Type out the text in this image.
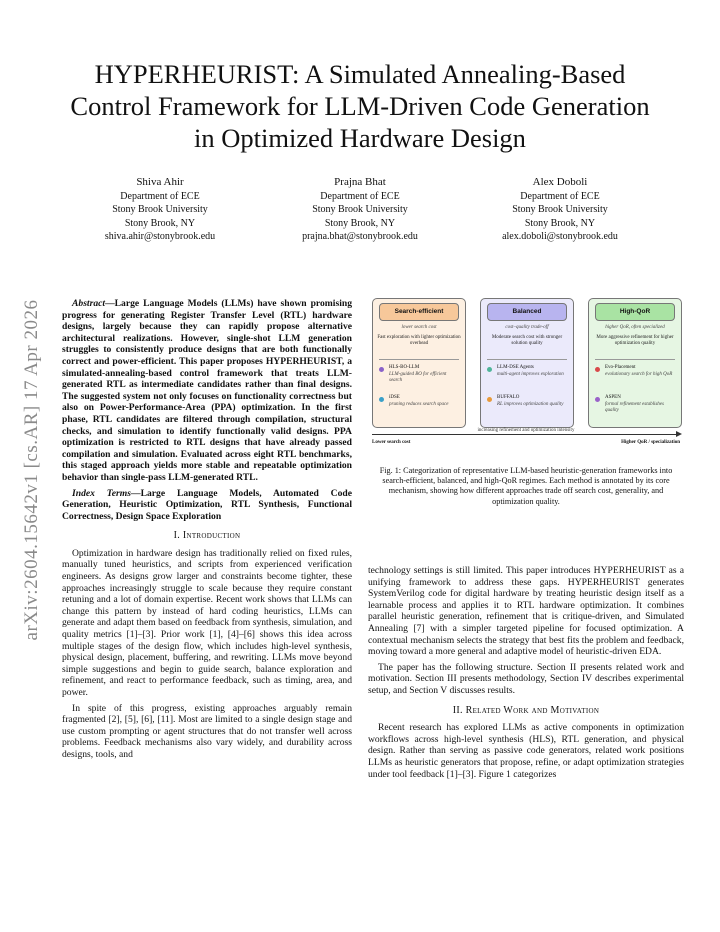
arXiv:2604.15642v1 [cs.AR] 17 Apr 2026
HYPERHEURIST: A Simulated Annealing-Based Control Framework for LLM-Driven Code Generation in Optimized Hardware Design
Shiva Ahir
Department of ECE
Stony Brook University
Stony Brook, NY
shiva.ahir@stonybrook.edu
Prajna Bhat
Department of ECE
Stony Brook University
Stony Brook, NY
prajna.bhat@stonybrook.edu
Alex Doboli
Department of ECE
Stony Brook University
Stony Brook, NY
alex.doboli@stonybrook.edu

Abstract—Large Language Models (LLMs) have shown promising progress for generating Register Transfer Level (RTL) hardware designs, largely because they can rapidly propose alternative architectural realizations. However, single-shot LLM generation struggles to consistently produce designs that are both functionally correct and power-efficient. This paper proposes HYPERHEURIST, a simulated-annealing-based control framework that treats LLM-generated RTL as intermediate candidates rather than final designs. The suggested system not only focuses on functionality correctness but also on Power-Performance-Area (PPA) optimization. In the first phase, RTL candidates are filtered through compilation, structural checks, and simulation to identify functionally valid designs. PPA optimization is restricted to RTL designs that have already passed compilation and simulation. Evaluated across eight RTL benchmarks, this staged approach yields more stable and repeatable optimization behavior than single-pass LLM-generated RTL.

Index Terms—Large Language Models, Automated Code Generation, Heuristic Optimization, RTL Synthesis, Functional Correctness, Design Space Exploration

I. Introduction

Optimization in hardware design has traditionally relied on fixed rules, manually tuned heuristics, and scripts from experienced verification engineers. As designs grow larger and constraints become tighter, these approaches increasingly struggle to scale because they require constant retuning and a lot of domain expertise. Recent work shows that LLMs can change this pattern by instead of hard coding heuristics, LLMs can generate and adapt them based on feedback from synthesis, simulation, and quality metrics [1]–[3]. Prior work [1], [4]–[6] shows this idea across multiple stages of the design flow, which includes high-level synthesis, physical design, placement, buffering, and rewriting. LLMs move beyond simple suggestions and begin to guide search, balance exploration and refinement, and react to performance feedback, such as timing, area, and power.

In spite of this progress, existing approaches arguably remain fragmented [2], [5], [6], [11]. Most are limited to a single design stage and use custom prompting or agent structures that do not transfer well across problems. Feedback mechanisms also vary widely, and durability across designs, tools, and

Search-efficient
lower search cost
Fast exploration with lighter optimization overhead
HLS-BO-LLM
LLM-guided BO for efficient search
iDSE
pruning reduces search space
Balanced
cost–quality trade-off
Moderate search cost with stronger solution quality
LLM-DSE Agents
multi-agent improves exploration
BUFFALO
RL improves optimization quality
High-QoR
higher QoR, often specialized
More aggressive refinement for higher optimization quality
Evo-Placement
evolutionary search for high QoR
ASPEN
formal refinement establishes quality
increasing refinement and optimization intensity
Lower search cost	Higher QoR / specialization
Fig. 1: Categorization of representative LLM-based heuristic-generation frameworks into search-efficient, balanced, and high-QoR regimes. Each method is annotated by its core mechanism, showing how different approaches trade off search cost, generality, and optimization quality.

technology settings is still limited. This paper introduces HYPERHEURIST as a unifying framework to address these gaps. HYPERHEURIST generates SystemVerilog code for digital hardware by treating heuristic design itself as a learnable process and applies it to RTL hardware optimization. It combines parallel heuristic generation, refinement that is critique-driven, and Simulated Annealing [7] with a simpler targeted pipeline for focused optimization. A contextual mechanism selects the strategy that best fits the problem and feedback, moving toward a more general and adaptive model of heuristic-driven EDA.

The paper has the following structure. Section II presents related work and motivation. Section III presents methodology, Section IV describes experimental setup, and Section V discusses results.

II. Related Work and Motivation

Recent research has explored LLMs as active components in optimization workflows across high-level synthesis (HLS), RTL generation, and physical design. Rather than serving as passive code generators, related work positions LLMs as heuristic generators that propose, refine, or adapt optimization strategies under tool feedback [1]–[3]. Figure 1 categorizes
